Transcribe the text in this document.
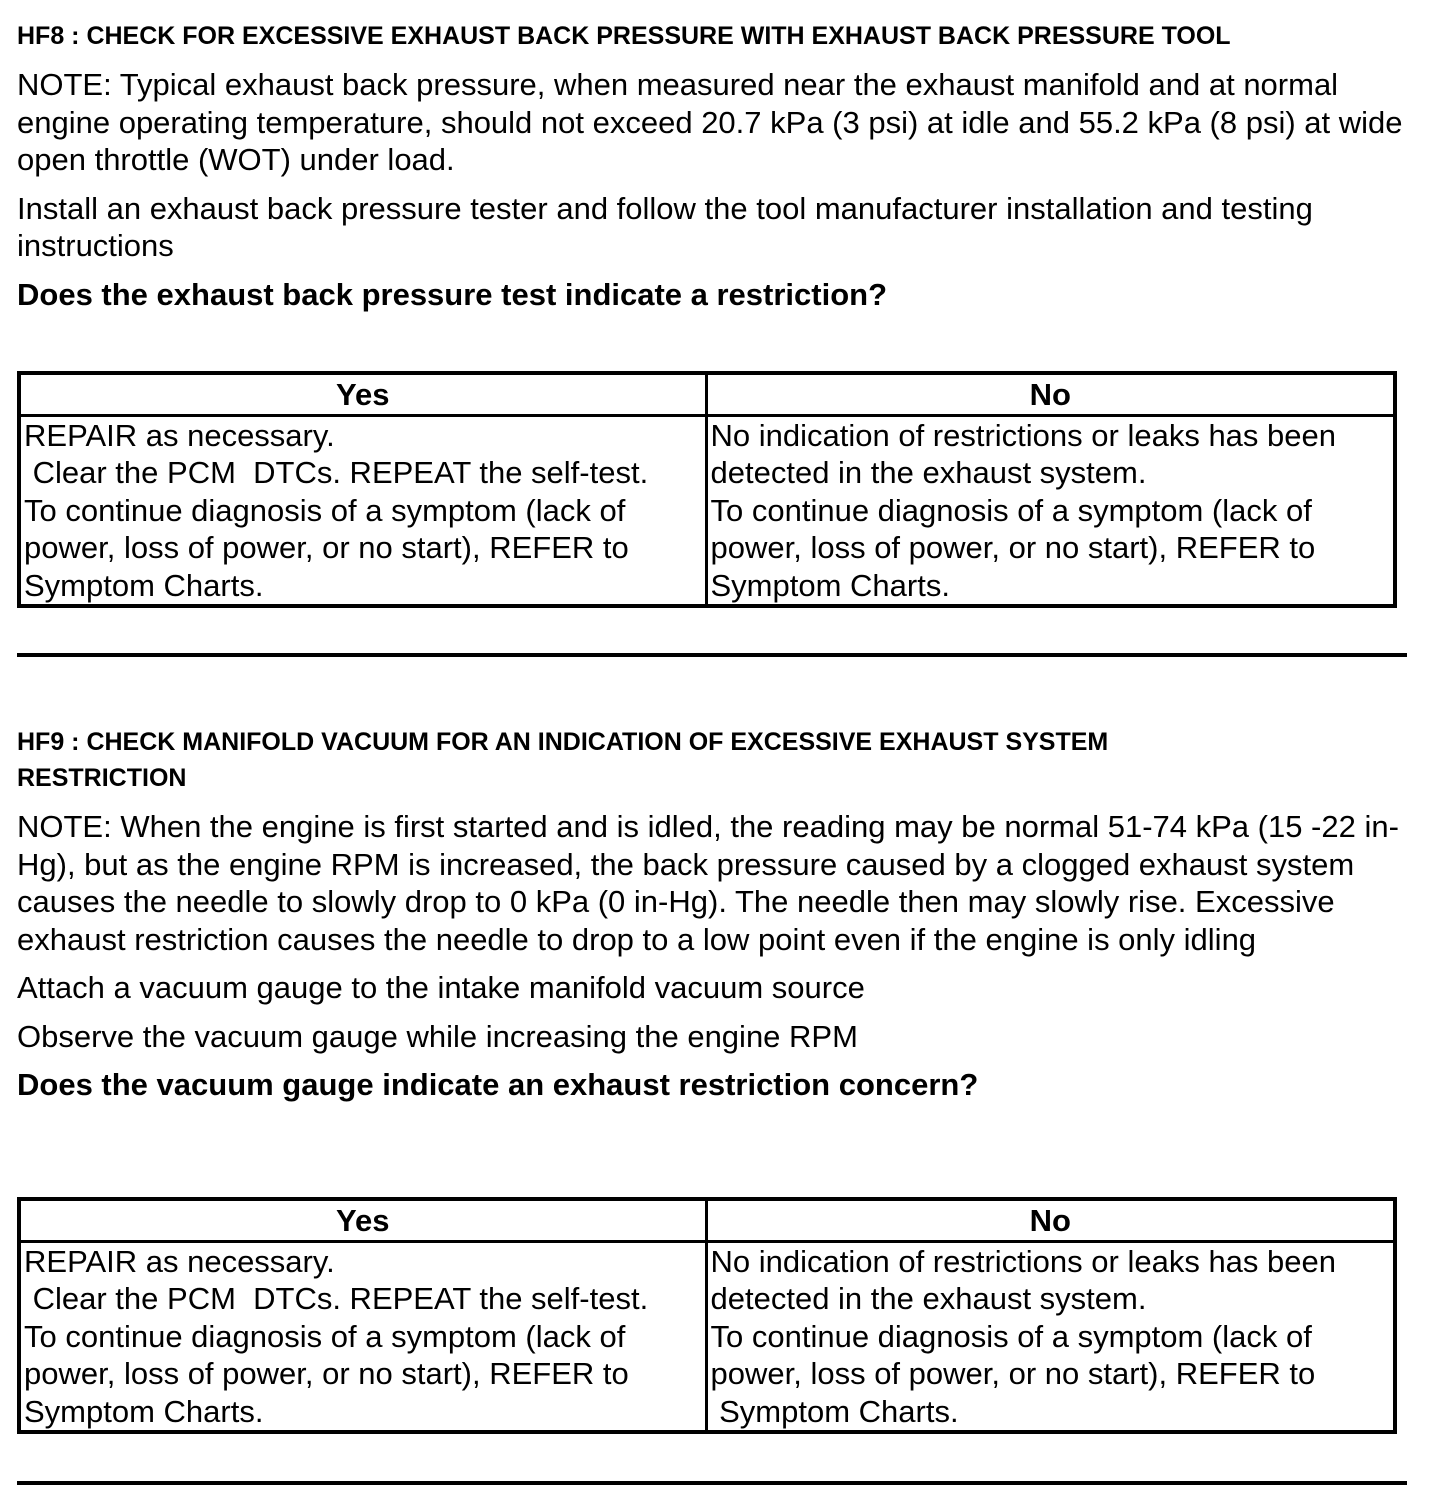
HF8 : CHECK FOR EXCESSIVE EXHAUST BACK PRESSURE WITH EXHAUST BACK PRESSURE TOOL

NOTE: Typical exhaust back pressure, when measured near the exhaust manifold and at normal engine operating temperature, should not exceed 20.7 kPa (3 psi) at idle and 55.2 kPa (8 psi) at wide open throttle (WOT) under load.

Install an exhaust back pressure tester and follow the tool manufacturer installation and testing instructions

Does the exhaust back pressure test indicate a restriction?

Yes	No

REPAIR as necessary.
Clear the PCM  DTCs. REPEAT the self-test.
To continue diagnosis of a symptom (lack of
power, loss of power, or no start), REFER to
Symptom Charts.	No indication of restrictions or leaks has been
detected in the exhaust system.
To continue diagnosis of a symptom (lack of
power, loss of power, or no start), REFER to
Symptom Charts.

HF9 : CHECK MANIFOLD VACUUM FOR AN INDICATION OF EXCESSIVE EXHAUST SYSTEM
RESTRICTION

NOTE: When the engine is first started and is idled, the reading may be normal 51-74 kPa (15 -22 in-Hg), but as the engine RPM is increased, the back pressure caused by a clogged exhaust system causes the needle to slowly drop to 0 kPa (0 in-Hg). The needle then may slowly rise. Excessive exhaust restriction causes the needle to drop to a low point even if the engine is only idling

Attach a vacuum gauge to the intake manifold vacuum source

Observe the vacuum gauge while increasing the engine RPM

Does the vacuum gauge indicate an exhaust restriction concern?

Yes	No

REPAIR as necessary.
Clear the PCM  DTCs. REPEAT the self-test.
To continue diagnosis of a symptom (lack of
power, loss of power, or no start), REFER to
Symptom Charts.	No indication of restrictions or leaks has been
detected in the exhaust system.
To continue diagnosis of a symptom (lack of
power, loss of power, or no start), REFER to
Symptom Charts.
